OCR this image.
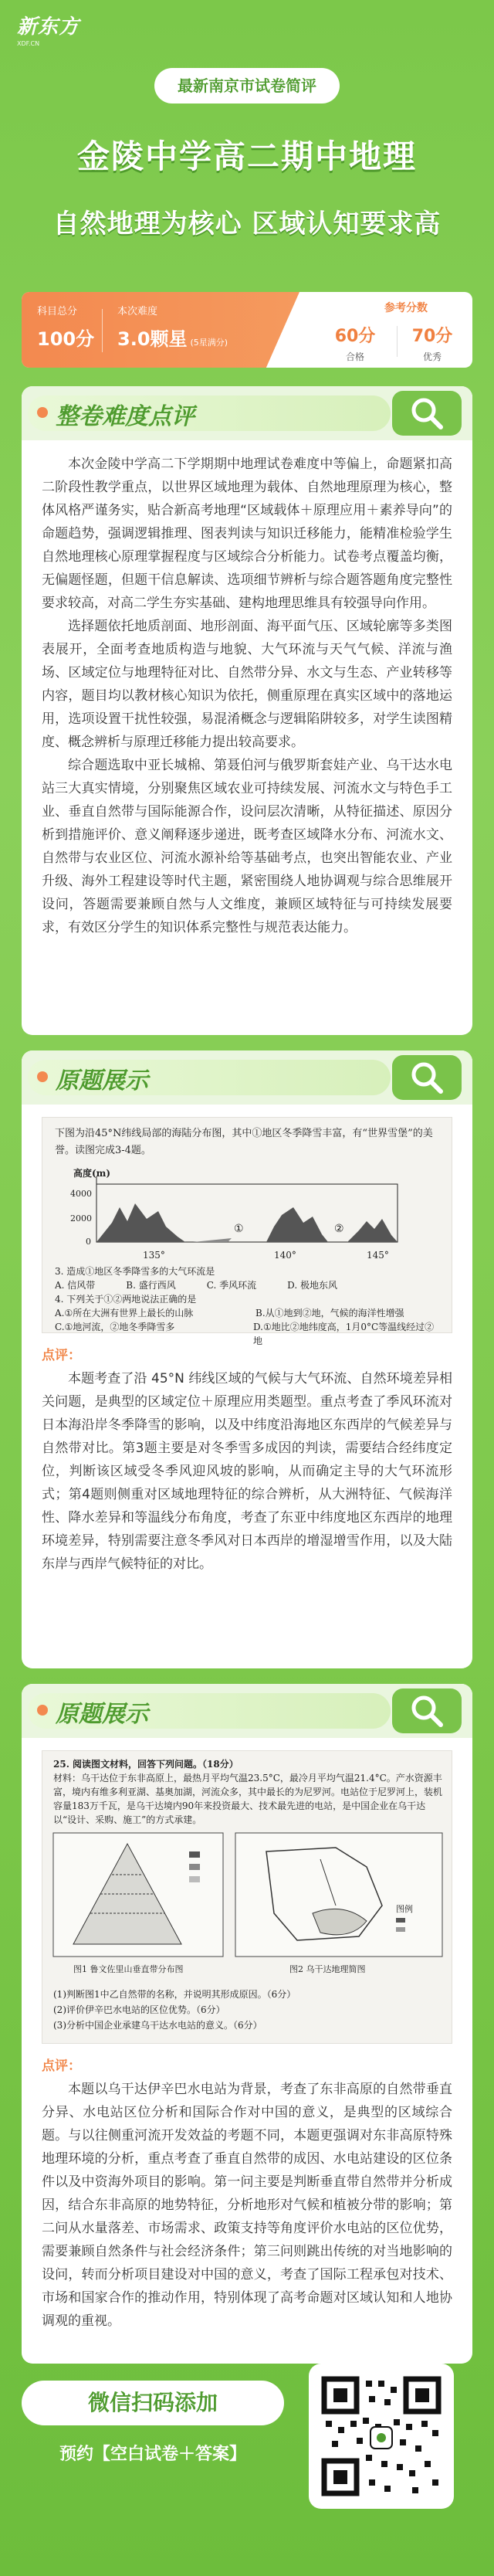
新东方
XDF.CN
最新南京市试卷简评
金陵中学高二期中地理
自然地理为核心 区域认知要求高
科目总分
100分
本次难度
3.0颗星 (5星满分)
参考分数
60分
合格
70分
优秀
整卷难度点评

本次金陵中学高二下学期期中地理试卷难度中等偏上，命题紧扣高二阶段性教学重点，以世界区域地理为载体、自然地理原理为核心，整体风格严谨务实，贴合新高考地理“区域载体＋原理应用＋素养导向”的命题趋势，强调逻辑推理、图表判读与知识迁移能力，能精准检验学生自然地理核心原理掌握程度与区域综合分析能力。试卷考点覆盖均衡，无偏题怪题，但题干信息解读、选项细节辨析与综合题答题角度完整性要求较高，对高二学生夯实基础、建构地理思维具有较强导向作用。

选择题依托地质剖面、地形剖面、海平面气压、区域轮廓等多类图表展开，全面考查地质构造与地貌、大气环流与天气气候、洋流与渔场、区域定位与地理特征对比、自然带分异、水文与生态、产业转移等内容，题目均以教材核心知识为依托，侧重原理在真实区域中的落地运用，选项设置干扰性较强，易混淆概念与逻辑陷阱较多，对学生读图精度、概念辨析与原理迁移能力提出较高要求。

综合题选取中亚长城棉、第聂伯河与俄罗斯套娃产业、乌干达水电站三大真实情境，分别聚焦区域农业可持续发展、河流水文与特色手工业、垂直自然带与国际能源合作，设问层次清晰，从特征描述、原因分析到措施评价、意义阐释逐步递进，既考查区域降水分布、河流水文、自然带与农业区位、河流水源补给等基础考点，也突出智能农业、产业升级、海外工程建设等时代主题，紧密围绕人地协调观与综合思维展开设问，答题需要兼顾自然与人文维度，兼顾区域特征与可持续发展要求，有效区分学生的知识体系完整性与规范表达能力。

原题展示
下图为沿45°N纬线局部的海陆分布图，其中①地区冬季降雪丰富，有“世界雪堡”的美誉。读图完成3-4题。
高度(m)
4000
2000
0
135°	140°	145°
①	②
3. 造成①地区冬季降雪多的大气环流是
A. 信风带	B. 盛行西风	C. 季风环流	D. 极地东风
4. 下列关于①②两地说法正确的是
A.①所在大洲有世界上最长的山脉	B.从①地到②地，气候的海洋性增强
C.①地河流，②地冬季降雪多	D.①地比②地纬度高，1月0°C等温线经过②地
点评：

本题考查了沿 45°N 纬线区域的气候与大气环流、自然环境差异相关问题，是典型的区域定位＋原理应用类题型。重点考查了季风环流对日本海沿岸冬季降雪的影响，以及中纬度沿海地区东西岸的气候差异与自然带对比。第3题主要是对冬季雪多成因的判读，需要结合经纬度定位，判断该区域受冬季风迎风坡的影响，从而确定主导的大气环流形式；第4题则侧重对区域地理特征的综合辨析，从大洲特征、气候海洋性、降水差异和等温线分布角度，考查了东亚中纬度地区东西岸的地理环境差异，特别需要注意冬季风对日本西岸的增湿增雪作用，以及大陆东岸与西岸气候特征的对比。

原题展示
25. 阅读图文材料，回答下列问题。（18分）
材料：乌干达位于东非高原上，最热月平均气温23.5°C，最冷月平均气温21.4°C。产水资源丰富，境内有维多利亚湖、基奥加湖，河流众多，其中最长的为尼罗河。电站位于尼罗河上，装机容量183万千瓦，是乌干达境内90年来投资最大、技术最先进的电站，是中国企业在乌干达以“设计、采购、施工”的方式承建。
图例
图1 鲁文佐里山垂直带分布图	图2 乌干达地理简图
(1)判断图1中乙自然带的名称，并说明其形成原因。（6分）
(2)评价伊辛巴水电站的区位优势。（6分）
(3)分析中国企业承建乌干达水电站的意义。（6分）
点评：

本题以乌干达伊辛巴水电站为背景，考查了东非高原的自然带垂直分异、水电站区位分析和国际合作对中国的意义，是典型的区域综合题。与以往侧重河流开发效益的考题不同，本题更强调对东非高原特殊地理环境的分析，重点考查了垂直自然带的成因、水电站建设的区位条件以及中资海外项目的影响。第一问主要是判断垂直带自然带并分析成因，结合东非高原的地势特征，分析地形对气候和植被分带的影响；第二问从水量落差、市场需求、政策支持等角度评价水电站的区位优势，需要兼顾自然条件与社会经济条件；第三问则跳出传统的对当地影响的设问，转而分析项目建设对中国的意义，考查了国际工程承包对技术、市场和国家合作的推动作用，特别体现了高考命题对区域认知和人地协调观的重视。

微信扫码添加
预约【空白试卷＋答案】
